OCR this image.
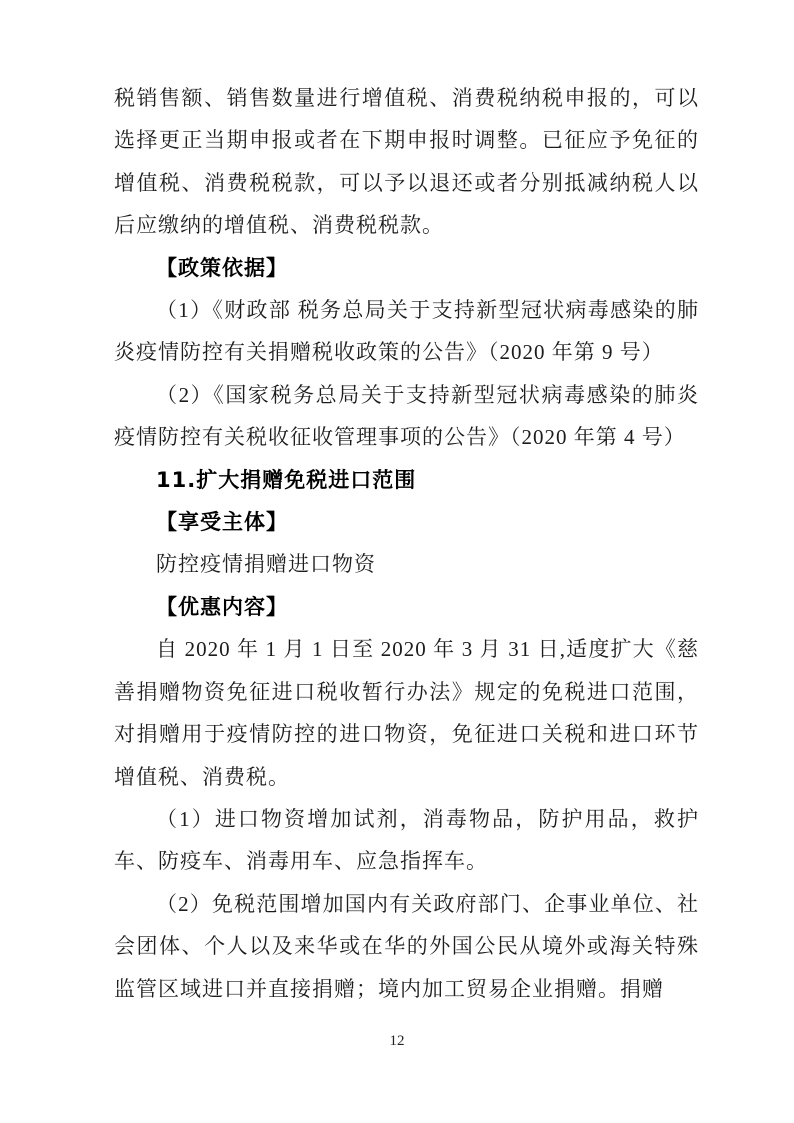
税销售额、销售数量进行增值税、消费税纳税申报的，可以选择更正当期申报或者在下期申报时调整。已征应予免征的增值税、消费税税款，可以予以退还或者分别抵减纳税人以后应缴纳的增值税、消费税税款。

【政策依据】

（1）《财政部 税务总局关于支持新型冠状病毒感染的肺炎疫情防控有关捐赠税收政策的公告》（2020 年第 9 号）

（2）《国家税务总局关于支持新型冠状病毒感染的肺炎疫情防控有关税收征收管理事项的公告》（2020 年第 4 号）

11.扩大捐赠免税进口范围

【享受主体】

防控疫情捐赠进口物资

【优惠内容】

自 2020 年 1 月 1 日至 2020 年 3 月 31 日,适度扩大《慈善捐赠物资免征进口税收暂行办法》规定的免税进口范围，对捐赠用于疫情防控的进口物资，免征进口关税和进口环节增值税、消费税。

（1）进口物资增加试剂，消毒物品，防护用品，救护车、防疫车、消毒用车、应急指挥车。

（2）免税范围增加国内有关政府部门、企事业单位、社会团体、个人以及来华或在华的外国公民从境外或海关特殊监管区域进口并直接捐赠；境内加工贸易企业捐赠。捐赠

12
